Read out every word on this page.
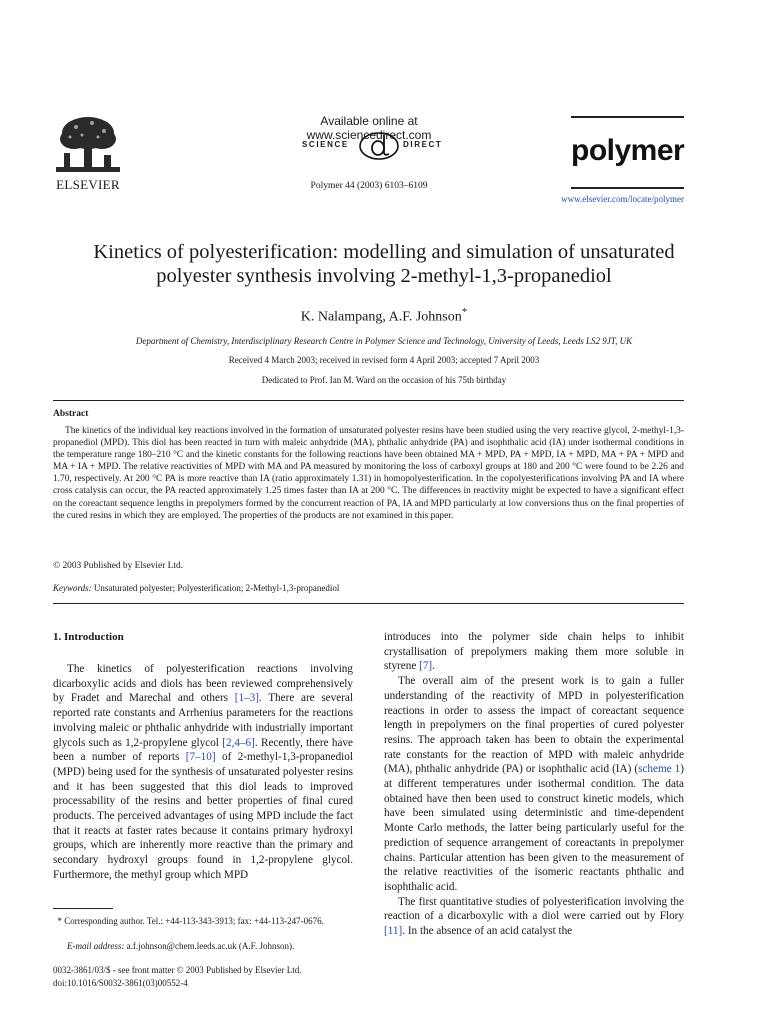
ELSEVIER
Available online at www.sciencedirect.com
SCIENCE	DIRECT
Polymer 44 (2003) 6103–6109
polymer
www.elsevier.com/locate/polymer
Kinetics of polyesterification: modelling and simulation of unsaturated
polyester synthesis involving 2-methyl-1,3-propanediol
K. Nalampang, A.F. Johnson*
Department of Chemistry, Interdisciplinary Research Centre in Polymer Science and Technology, University of Leeds, Leeds LS2 9JT, UK
Received 4 March 2003; received in revised form 4 April 2003; accepted 7 April 2003
Dedicated to Prof. Ian M. Ward on the occasion of his 75th birthday
Abstract

The kinetics of the individual key reactions involved in the formation of unsaturated polyester resins have been studied using the very reactive glycol, 2-methyl-1,3-propanediol (MPD). This diol has been reacted in turn with maleic anhydride (MA), phthalic anhydride (PA) and isophthalic acid (IA) under isothermal conditions in the temperature range 180–210 °C and the kinetic constants for the following reactions have been obtained MA + MPD, PA + MPD, IA + MPD, MA + PA + MPD and MA + IA + MPD. The relative reactivities of MPD with MA and PA measured by monitoring the loss of carboxyl groups at 180 and 200 °C were found to be 2.26 and 1.70, respectively. At 200 °C PA is more reactive than IA (ratio approximately 1.31) in homopolyesterification. In the copolyesterifications involving PA and IA where cross catalysis can occur, the PA reacted approximately 1.25 times faster than IA at 200 °C. The differences in reactivity might be expected to have a significant effect on the coreactant sequence lengths in prepolymers formed by the concurrent reaction of PA, IA and MPD particularly at low conversions thus on the final properties of the cured resins in which they are employed. The properties of the products are not examined in this paper.

© 2003 Published by Elsevier Ltd.
Keywords: Unsaturated polyester; Polyesterification; 2-Methyl-1,3-propanediol
1. Introduction

The kinetics of polyesterification reactions involving dicarboxylic acids and diols has been reviewed comprehensively by Fradet and Marechal and others [1–3]. There are several reported rate constants and Arrhenius parameters for the reactions involving maleic or phthalic anhydride with industrially important glycols such as 1,2-propylene glycol [2,4–6]. Recently, there have been a number of reports [7–10] of 2-methyl-1,3-propanediol (MPD) being used for the synthesis of unsaturated polyester resins and it has been suggested that this diol leads to improved processability of the resins and better properties of final cured products. The perceived advantages of using MPD include the fact that it reacts at faster rates because it contains primary hydroxyl groups, which are inherently more reactive than the primary and secondary hydroxyl groups found in 1,2-propylene glycol. Furthermore, the methyl group which MPD

introduces into the polymer side chain helps to inhibit crystallisation of prepolymers making them more soluble in styrene [7].

The overall aim of the present work is to gain a fuller understanding of the reactivity of MPD in polyesterification reactions in order to assess the impact of coreactant sequence length in prepolymers on the final properties of cured polyester resins. The approach taken has been to obtain the experimental rate constants for the reaction of MPD with maleic anhydride (MA), phthalic anhydride (PA) or isophthalic acid (IA) (scheme 1) at different temperatures under isothermal condition. The data obtained have then been used to construct kinetic models, which have been simulated using deterministic and time-dependent Monte Carlo methods, the latter being particularly useful for the prediction of sequence arrangement of coreactants in prepolymer chains. Particular attention has been given to the measurement of the relative reactivities of the isomeric reactants phthalic and isophthalic acid.

The first quantitative studies of polyesterification involving the reaction of a dicarboxylic with a diol were carried out by Flory [11]. In the absence of an acid catalyst the

* Corresponding author. Tel.: +44-113-343-3913; fax: +44-113-247-0676.
E-mail address: a.f.johnson@chem.leeds.ac.uk (A.F. Johnson).
0032-3861/03/$ - see front matter © 2003 Published by Elsevier Ltd.
doi:10.1016/S0032-3861(03)00552-4
